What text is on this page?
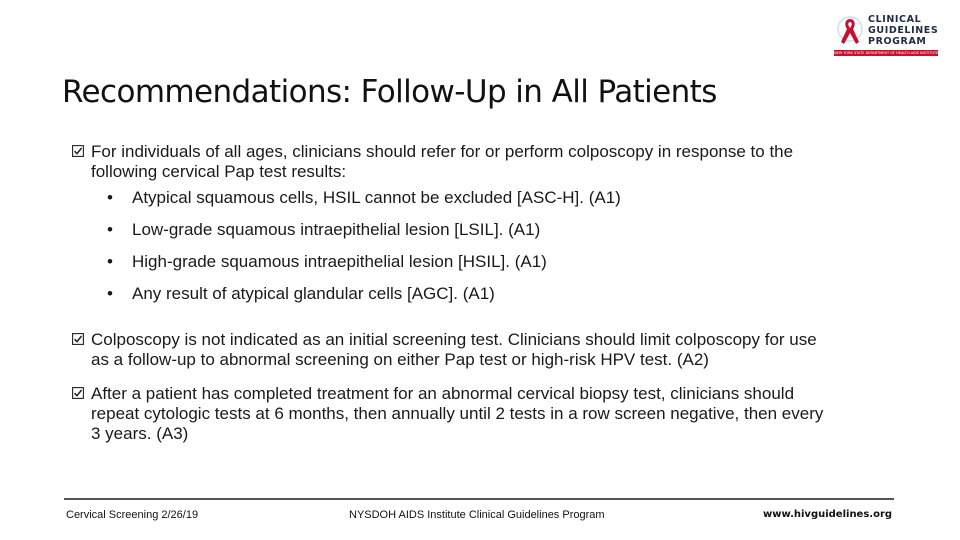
CLINICAL
GUIDELINES
PROGRAM
NEW YORK STATE DEPARTMENT OF HEALTH AIDS INSTITUTE
Recommendations: Follow-Up in All Patients
For individuals of all ages, clinicians should refer for or perform colposcopy in response to the following cervical Pap test results:
• Atypical squamous cells, HSIL cannot be excluded [ASC-H]. (A1)
• Low-grade squamous intraepithelial lesion [LSIL]. (A1)
• High-grade squamous intraepithelial lesion [HSIL]. (A1)
• Any result of atypical glandular cells [AGC]. (A1)
Colposcopy is not indicated as an initial screening test. Clinicians should limit colposcopy for use as a follow-up to abnormal screening on either Pap test or high-risk HPV test. (A2)
After a patient has completed treatment for an abnormal cervical biopsy test, clinicians should repeat cytologic tests at 6 months, then annually until 2 tests in a row screen negative, then every 3 years. (A3)
Cervical Screening 2/26/19	NYSDOH AIDS Institute Clinical Guidelines Program	www.hivguidelines.org
